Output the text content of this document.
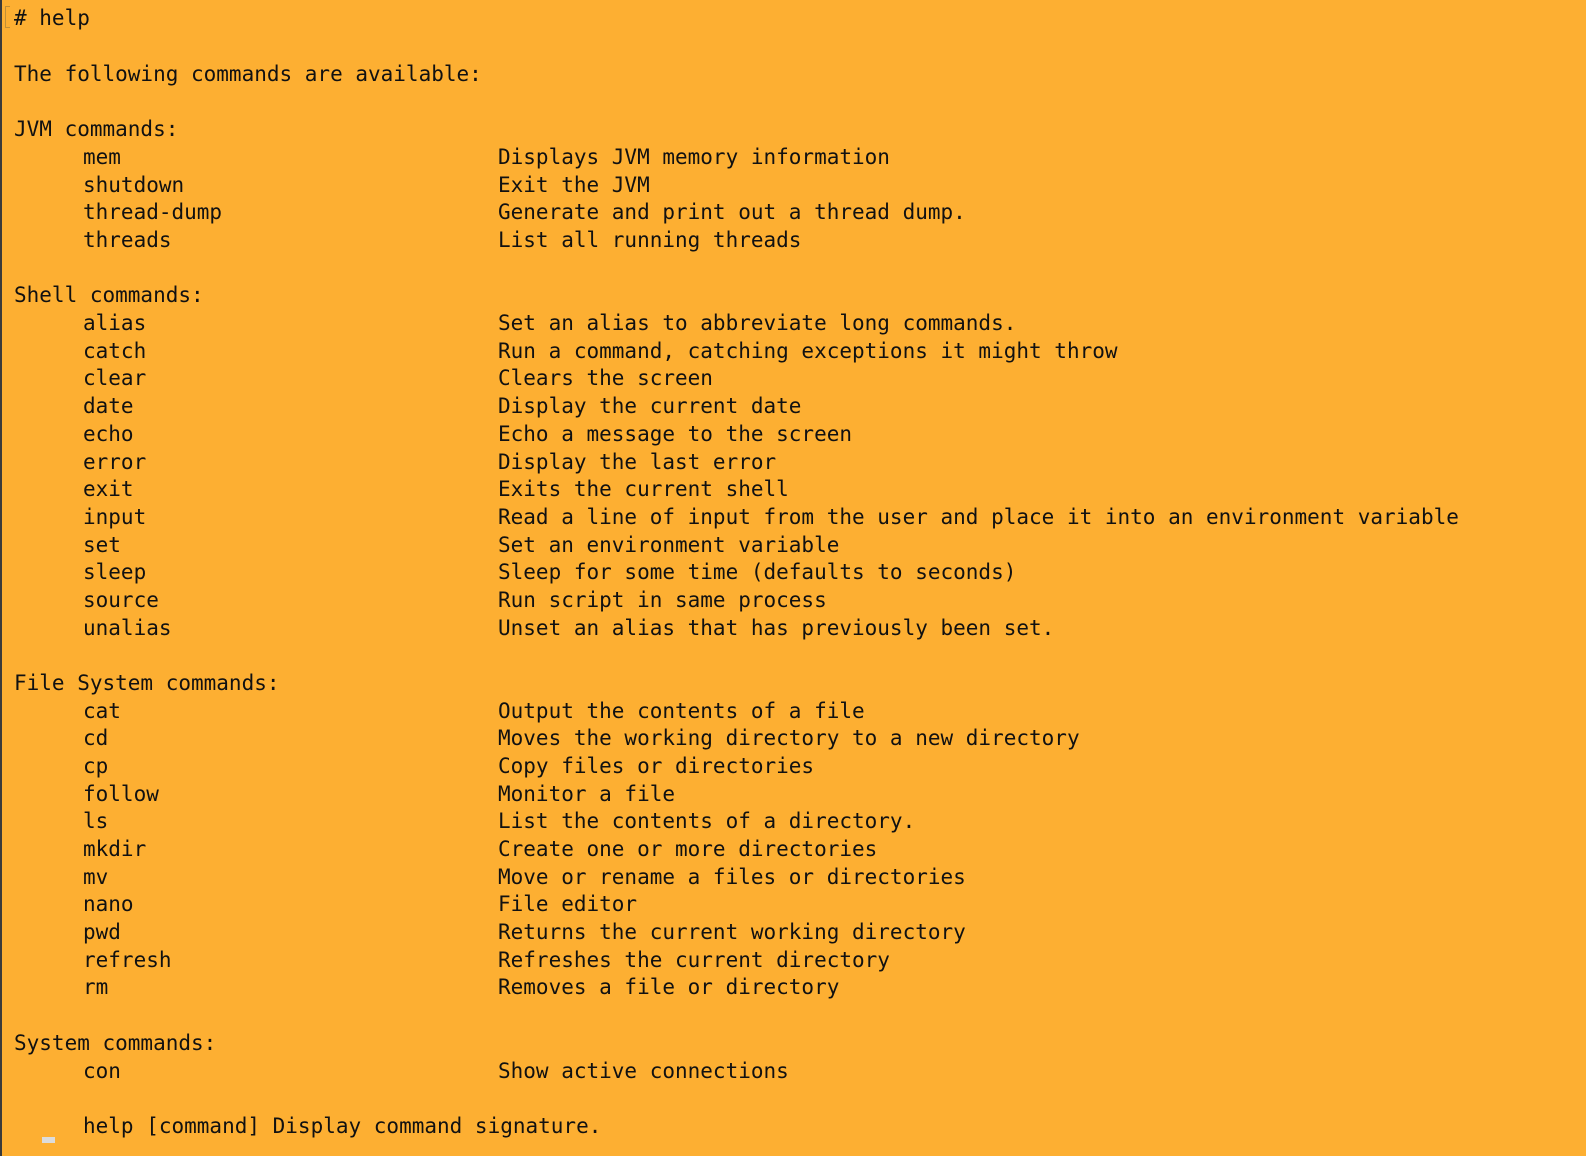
# help
The following commands are available:
JVM commands:
mem	Displays JVM memory information
shutdown	Exit the JVM
thread-dump	Generate and print out a thread dump.
threads	List all running threads
Shell commands:
alias	Set an alias to abbreviate long commands.
catch	Run a command, catching exceptions it might throw
clear	Clears the screen
date	Display the current date
echo	Echo a message to the screen
error	Display the last error
exit	Exits the current shell
input	Read a line of input from the user and place it into an environment variable
set	Set an environment variable
sleep	Sleep for some time (defaults to seconds)
source	Run script in same process
unalias	Unset an alias that has previously been set.
File System commands:
cat	Output the contents of a file
cd	Moves the working directory to a new directory
cp	Copy files or directories
follow	Monitor a file
ls	List the contents of a directory.
mkdir	Create one or more directories
mv	Move or rename a files or directories
nano	File editor
pwd	Returns the current working directory
refresh	Refreshes the current directory
rm	Removes a file or directory
System commands:
con	Show active connections
help [command] Display command signature.
